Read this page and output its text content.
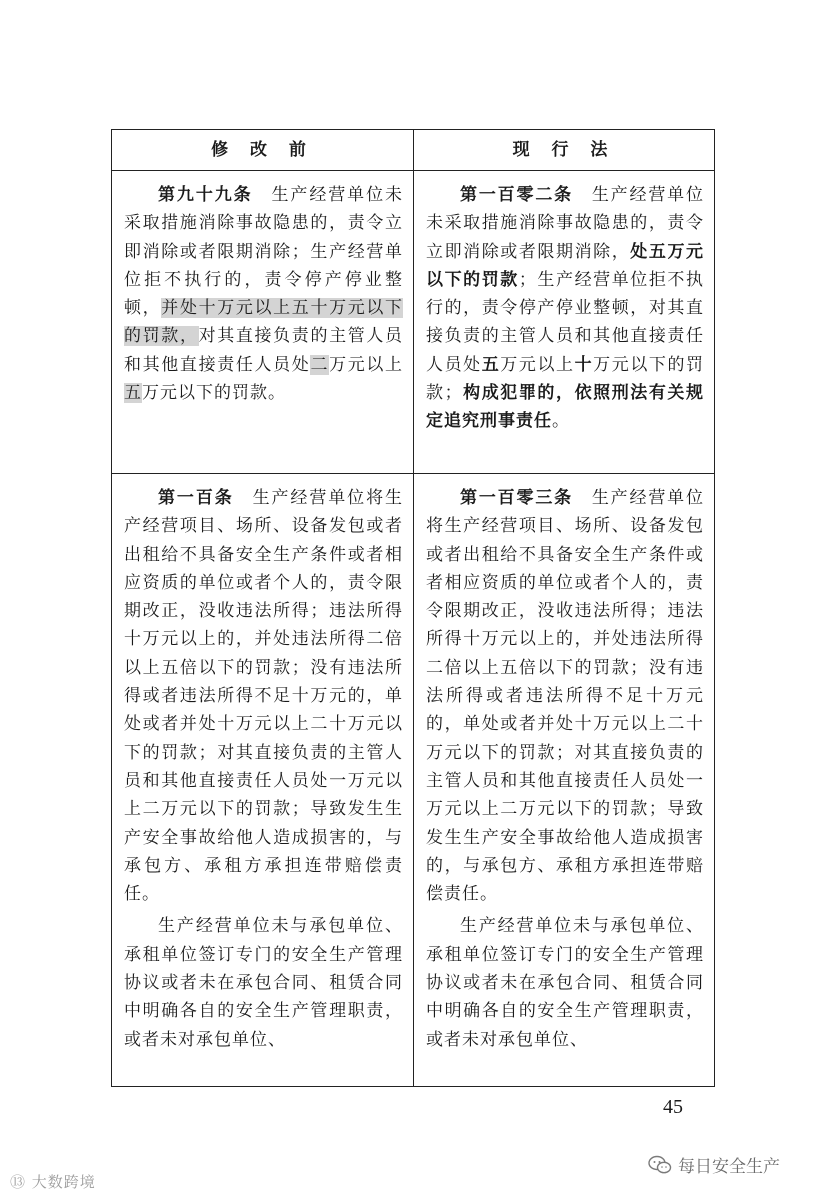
修 改 前	现 行 法

第九十九条　生产经营单位未采取措施消除事故隐患的，责令立即消除或者限期消除；生产经营单位拒不执行的，责令停产停业整顿，并处十万元以上五十万元以下的罚款，对其直接负责的主管人员和其他直接责任人员处二万元以上五万元以下的罚款。

第一百零二条　生产经营单位未采取措施消除事故隐患的，责令立即消除或者限期消除，处五万元以下的罚款；生产经营单位拒不执行的，责令停产停业整顿，对其直接负责的主管人员和其他直接责任人员处五万元以上十万元以下的罚款；构成犯罪的，依照刑法有关规定追究刑事责任。

第一百条　生产经营单位将生产经营项目、场所、设备发包或者出租给不具备安全生产条件或者相应资质的单位或者个人的，责令限期改正，没收违法所得；违法所得十万元以上的，并处违法所得二倍以上五倍以下的罚款；没有违法所得或者违法所得不足十万元的，单处或者并处十万元以上二十万元以下的罚款；对其直接负责的主管人员和其他直接责任人员处一万元以上二万元以下的罚款；导致发生生产安全事故给他人造成损害的，与承包方、承租方承担连带赔偿责任。

生产经营单位未与承包单位、承租单位签订专门的安全生产管理协议或者未在承包合同、租赁合同中明确各自的安全生产管理职责，或者未对承包单位、

第一百零三条　生产经营单位将生产经营项目、场所、设备发包或者出租给不具备安全生产条件或者相应资质的单位或者个人的，责令限期改正，没收违法所得；违法所得十万元以上的，并处违法所得二倍以上五倍以下的罚款；没有违法所得或者违法所得不足十万元的，单处或者并处十万元以上二十万元以下的罚款；对其直接负责的主管人员和其他直接责任人员处一万元以上二万元以下的罚款；导致发生生产安全事故给他人造成损害的，与承包方、承租方承担连带赔偿责任。

生产经营单位未与承包单位、承租单位签订专门的安全生产管理协议或者未在承包合同、租赁合同中明确各自的安全生产管理职责，或者未对承包单位、

45
⑬ 大数跨境
每日安全生产
